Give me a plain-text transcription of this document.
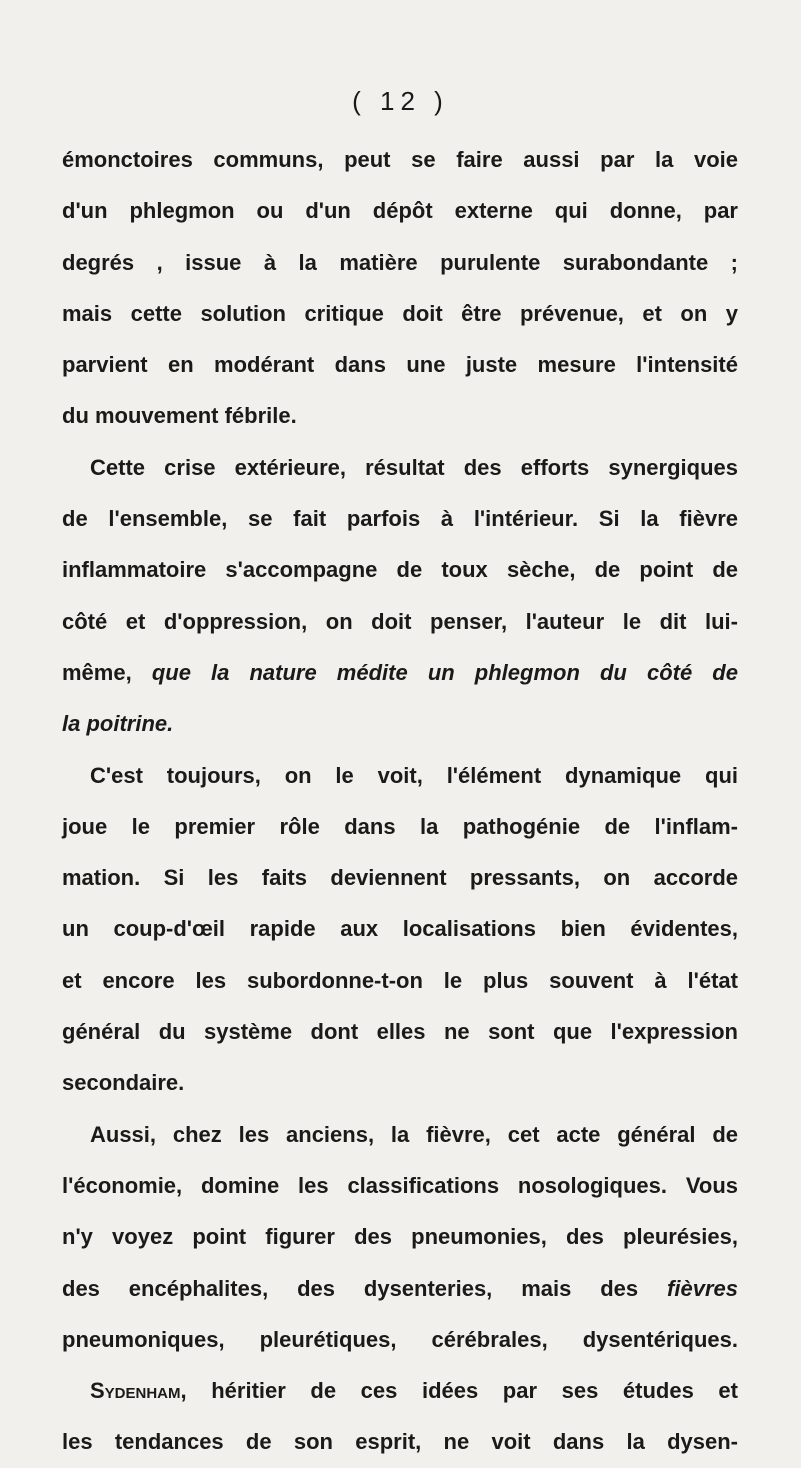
( 12 )
émonctoires communs, peut se faire aussi par la voie
d'un phlegmon ou d'un dépôt externe qui donne, par
degrés , issue à la matière purulente surabondante ;
mais cette solution critique doit être prévenue, et on y
parvient en modérant dans une juste mesure l'intensité
du mouvement fébrile.
Cette crise extérieure, résultat des efforts synergiques
de l'ensemble, se fait parfois à l'intérieur. Si la fièvre
inflammatoire s'accompagne de toux sèche, de point de
côté et d'oppression, on doit penser, l'auteur le dit lui-
même, que la nature médite un phlegmon du côté de
la poitrine.
C'est toujours, on le voit, l'élément dynamique qui
joue le premier rôle dans la pathogénie de l'inflam-
mation. Si les faits deviennent pressants, on accorde
un coup-d'œil rapide aux localisations bien évidentes,
et encore les subordonne-t-on le plus souvent à l'état
général du système dont elles ne sont que l'expression
secondaire.
Aussi, chez les anciens, la fièvre, cet acte général de
l'économie, domine les classifications nosologiques. Vous
n'y voyez point figurer des pneumonies, des pleurésies,
des encéphalites, des dysenteries, mais des fièvres
pneumoniques, pleurétiques, cérébrales, dysentériques.
Sydenham, héritier de ces idées par ses études et
les tendances de son esprit, ne voit dans la dysen-
